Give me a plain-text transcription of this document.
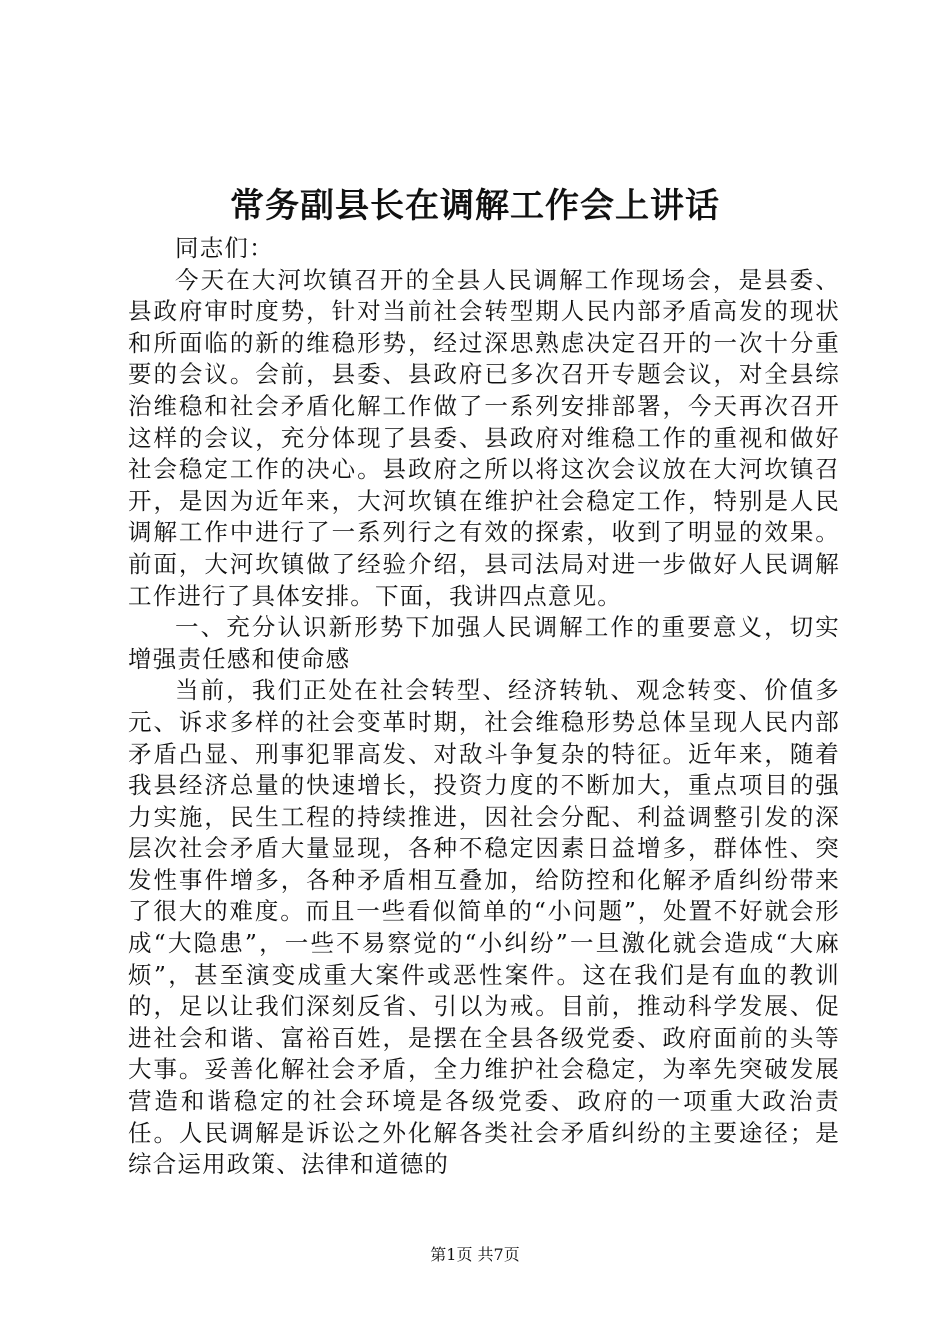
常务副县长在调解工作会上讲话

同志们：

今天在大河坎镇召开的全县人民调解工作现场会，是县委、县政府审时度势，针对当前社会转型期人民内部矛盾高发的现状和所面临的新的维稳形势，经过深思熟虑决定召开的一次十分重要的会议。会前，县委、县政府已多次召开专题会议，对全县综治维稳和社会矛盾化解工作做了一系列安排部署，今天再次召开这样的会议，充分体现了县委、县政府对维稳工作的重视和做好社会稳定工作的决心。县政府之所以将这次会议放在大河坎镇召开，是因为近年来，大河坎镇在维护社会稳定工作，特别是人民调解工作中进行了一系列行之有效的探索，收到了明显的效果。前面，大河坎镇做了经验介绍，县司法局对进一步做好人民调解工作进行了具体安排。下面，我讲四点意见。

一、充分认识新形势下加强人民调解工作的重要意义，切实增强责任感和使命感

当前，我们正处在社会转型、经济转轨、观念转变、价值多元、诉求多样的社会变革时期，社会维稳形势总体呈现人民内部矛盾凸显、刑事犯罪高发、对敌斗争复杂的特征。近年来，随着我县经济总量的快速增长，投资力度的不断加大，重点项目的强力实施，民生工程的持续推进，因社会分配、利益调整引发的深层次社会矛盾大量显现，各种不稳定因素日益增多，群体性、突发性事件增多，各种矛盾相互叠加，给防控和化解矛盾纠纷带来了很大的难度。而且一些看似简单的“小问题”，处置不好就会形成“大隐患”，一些不易察觉的“小纠纷”一旦激化就会造成“大麻烦”，甚至演变成重大案件或恶性案件。这在我们是有血的教训的，足以让我们深刻反省、引以为戒。目前，推动科学发展、促进社会和谐、富裕百姓，是摆在全县各级党委、政府面前的头等大事。妥善化解社会矛盾，全力维护社会稳定，为率先突破发展营造和谐稳定的社会环境是各级党委、政府的一项重大政治责任。人民调解是诉讼之外化解各类社会矛盾纠纷的主要途径；是综合运用政策、法律和道德的

第1页 共7页
